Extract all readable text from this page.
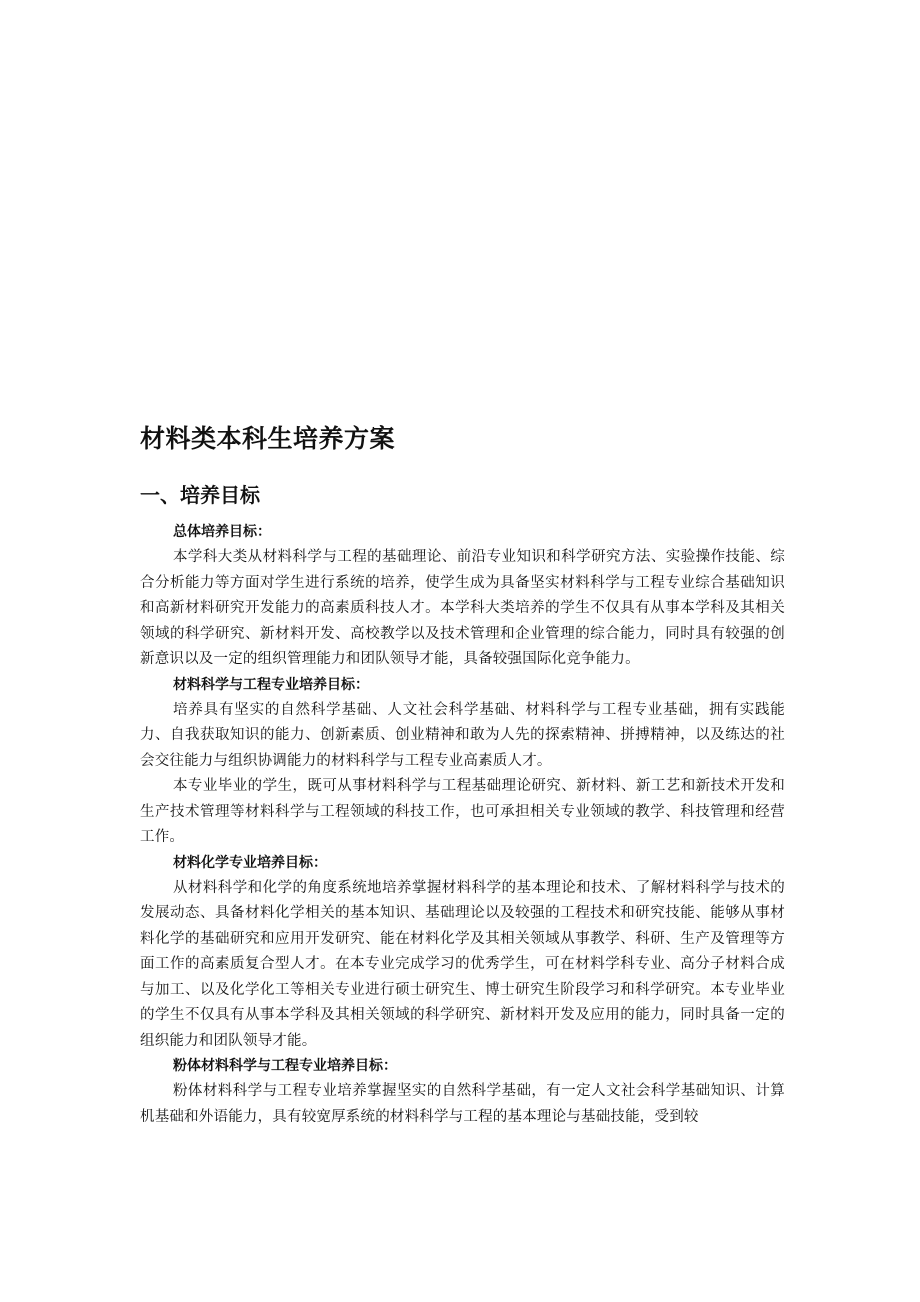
材料类本科生培养方案
一、培养目标

总体培养目标：

本学科大类从材料科学与工程的基础理论、前沿专业知识和科学研究方法、实验操作技能、综合分析能力等方面对学生进行系统的培养，使学生成为具备坚实材料科学与工程专业综合基础知识和高新材料研究开发能力的高素质科技人才。本学科大类培养的学生不仅具有从事本学科及其相关领域的科学研究、新材料开发、高校教学以及技术管理和企业管理的综合能力，同时具有较强的创新意识以及一定的组织管理能力和团队领导才能，具备较强国际化竞争能力。

材料科学与工程专业培养目标：

培养具有坚实的自然科学基础、人文社会科学基础、材料科学与工程专业基础，拥有实践能力、自我获取知识的能力、创新素质、创业精神和敢为人先的探索精神、拼搏精神，以及练达的社会交往能力与组织协调能力的材料科学与工程专业高素质人才。

本专业毕业的学生，既可从事材料科学与工程基础理论研究、新材料、新工艺和新技术开发和生产技术管理等材料科学与工程领域的科技工作，也可承担相关专业领域的教学、科技管理和经营工作。

材料化学专业培养目标：

从材料科学和化学的角度系统地培养掌握材料科学的基本理论和技术、了解材料科学与技术的发展动态、具备材料化学相关的基本知识、基础理论以及较强的工程技术和研究技能、能够从事材料化学的基础研究和应用开发研究、能在材料化学及其相关领域从事教学、科研、生产及管理等方面工作的高素质复合型人才。在本专业完成学习的优秀学生，可在材料学科专业、高分子材料合成与加工、以及化学化工等相关专业进行硕士研究生、博士研究生阶段学习和科学研究。本专业毕业的学生不仅具有从事本学科及其相关领域的科学研究、新材料开发及应用的能力，同时具备一定的组织能力和团队领导才能。

粉体材料科学与工程专业培养目标：

粉体材料科学与工程专业培养掌握坚实的自然科学基础，有一定人文社会科学基础知识、计算机基础和外语能力，具有较宽厚系统的材料科学与工程的基本理论与基础技能，受到较
